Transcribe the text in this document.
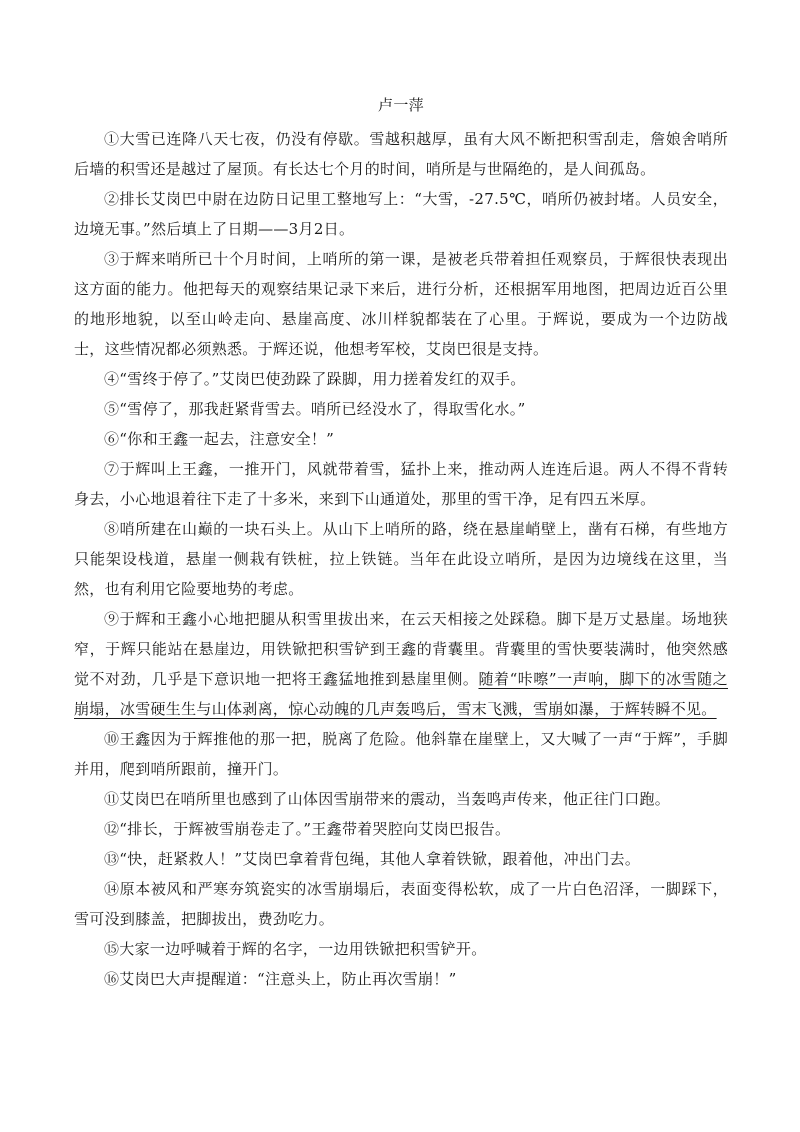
卢一萍

①大雪已连降八天七夜，仍没有停歇。雪越积越厚，虽有大风不断把积雪刮走，詹娘舍哨所后墙的积雪还是越过了屋顶。有长达七个月的时间，哨所是与世隔绝的，是人间孤岛。

②排长艾岗巴中尉在边防日记里工整地写上：“大雪，-27.5℃，哨所仍被封堵。人员安全，边境无事。”然后填上了日期——3月2日。

③于辉来哨所已十个月时间，上哨所的第一课，是被老兵带着担任观察员，于辉很快表现出这方面的能力。他把每天的观察结果记录下来后，进行分析，还根据军用地图，把周边近百公里的地形地貌，以至山岭走向、悬崖高度、冰川样貌都装在了心里。于辉说，要成为一个边防战士，这些情况都必须熟悉。于辉还说，他想考军校，艾岗巴很是支持。

④“雪终于停了。”艾岗巴使劲跺了跺脚，用力搓着发红的双手。

⑤“雪停了，那我赶紧背雪去。哨所已经没水了，得取雪化水。”

⑥“你和王鑫一起去，注意安全！”

⑦于辉叫上王鑫，一推开门，风就带着雪，猛扑上来，推动两人连连后退。两人不得不背转身去，小心地退着往下走了十多米，来到下山通道处，那里的雪干净，足有四五米厚。

⑧哨所建在山巅的一块石头上。从山下上哨所的路，绕在悬崖峭壁上，凿有石梯，有些地方只能架设栈道，悬崖一侧栽有铁桩，拉上铁链。当年在此设立哨所，是因为边境线在这里，当然，也有利用它险要地势的考虑。

⑨于辉和王鑫小心地把腿从积雪里拔出来，在云天相接之处踩稳。脚下是万丈悬崖。场地狭窄，于辉只能站在悬崖边，用铁锨把积雪铲到王鑫的背囊里。背囊里的雪快要装满时，他突然感觉不对劲，几乎是下意识地一把将王鑫猛地推到悬崖里侧。随着“咔嚓”一声响，脚下的冰雪随之崩塌，冰雪硬生生与山体剥离，惊心动魄的几声轰鸣后，雪末飞溅，雪崩如瀑，于辉转瞬不见。

⑩王鑫因为于辉推他的那一把，脱离了危险。他斜靠在崖壁上，又大喊了一声“于辉”，手脚并用，爬到哨所跟前，撞开门。

⑪艾岗巴在哨所里也感到了山体因雪崩带来的震动，当轰鸣声传来，他正往门口跑。

⑫“排长，于辉被雪崩卷走了。”王鑫带着哭腔向艾岗巴报告。

⑬“快，赶紧救人！”艾岗巴拿着背包绳，其他人拿着铁锨，跟着他，冲出门去。

⑭原本被风和严寒夯筑瓷实的冰雪崩塌后，表面变得松软，成了一片白色沼泽，一脚踩下，雪可没到膝盖，把脚拔出，费劲吃力。

⑮大家一边呼喊着于辉的名字，一边用铁锨把积雪铲开。

⑯艾岗巴大声提醒道：“注意头上，防止再次雪崩！”
